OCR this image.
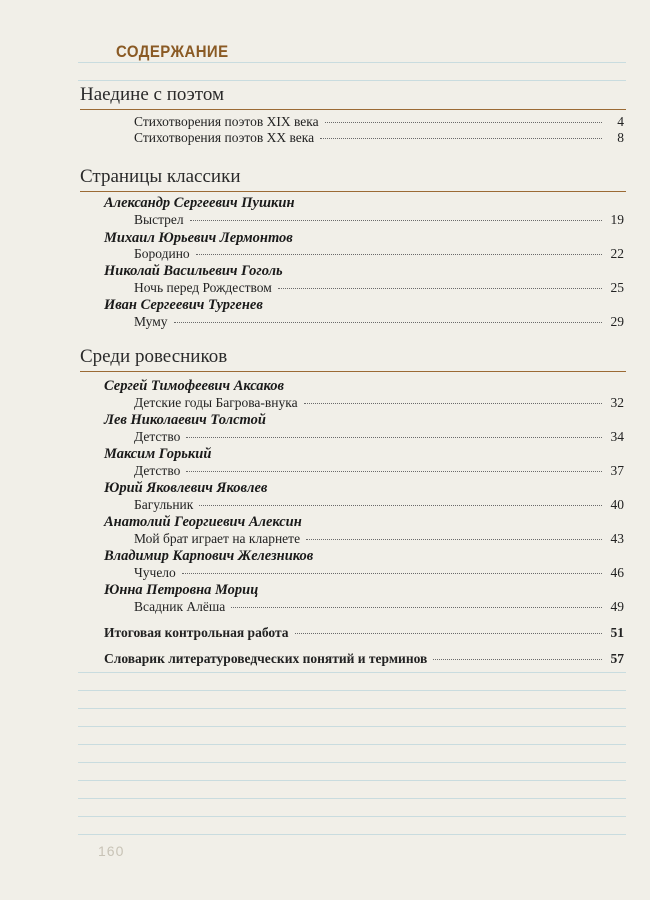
СОДЕРЖАНИЕ
Наедине с поэтом
Стихотворения поэтов XIX века	4
Стихотворения поэтов XX века	8
Страницы классики

Александр Сергеевич Пушкин

Выстрел	19

Михаил Юрьевич Лермонтов

Бородино	22

Николай Васильевич Гоголь

Ночь перед Рождеством	25

Иван Сергеевич Тургенев

Муму	29
Среди ровесников

Сергей Тимофеевич Аксаков

Детские годы Багрова-внука	32

Лев Николаевич Толстой

Детство	34

Максим Горький

Детство	37

Юрий Яковлевич Яковлев

Багульник	40

Анатолий Георгиевич Алексин

Мой брат играет на кларнете	43

Владимир Карпович Железников

Чучело	46

Юнна Петровна Мориц

Всадник Алёша	49
Итоговая контрольная работа	51
Словарик литературоведческих понятий и терминов	57
160
